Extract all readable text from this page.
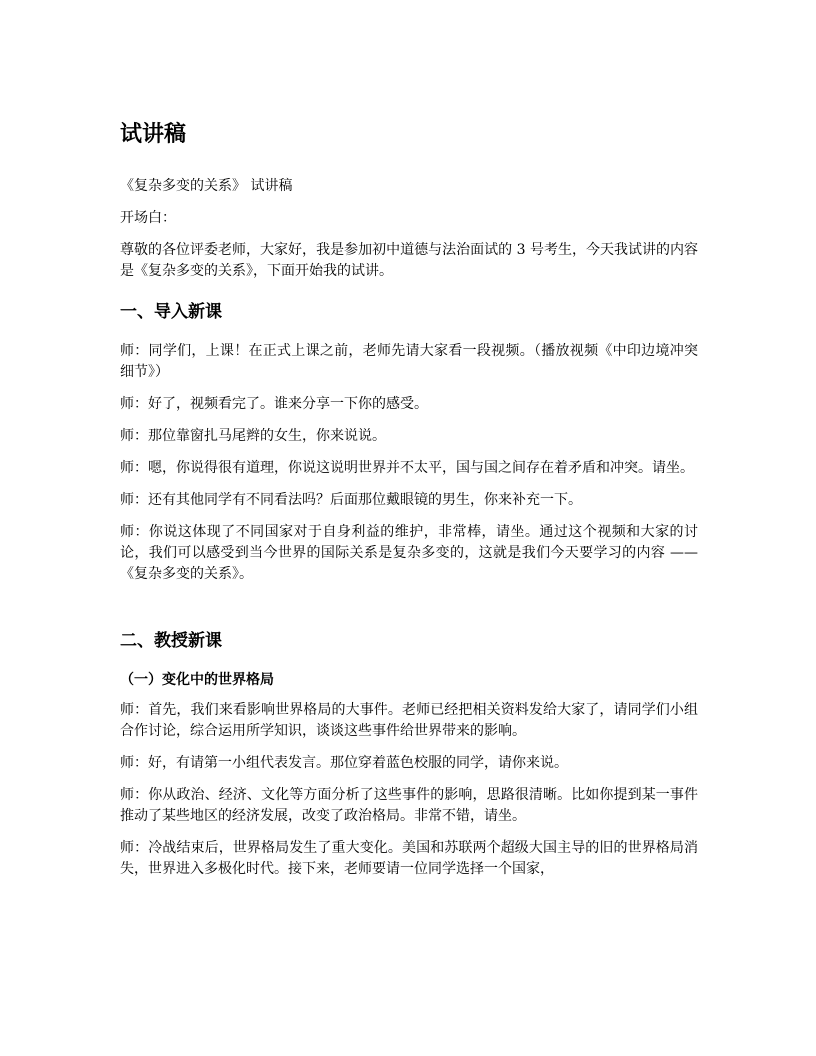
试讲稿

《复杂多变的关系》 试讲稿

开场白：

尊敬的各位评委老师，大家好，我是参加初中道德与法治面试的 3 号考生，今天我试讲的内容是《复杂多变的关系》，下面开始我的试讲。

一、导入新课

师：同学们，上课！在正式上课之前，老师先请大家看一段视频。（播放视频《中印边境冲突细节》）

师：好了，视频看完了。谁来分享一下你的感受。

师：那位靠窗扎马尾辫的女生，你来说说。

师：嗯，你说得很有道理，你说这说明世界并不太平，国与国之间存在着矛盾和冲突。请坐。

师：还有其他同学有不同看法吗？后面那位戴眼镜的男生，你来补充一下。

师：你说这体现了不同国家对于自身利益的维护，非常棒，请坐。通过这个视频和大家的讨论，我们可以感受到当今世界的国际关系是复杂多变的，这就是我们今天要学习的内容 ——《复杂多变的关系》。

二、教授新课
（一）变化中的世界格局

师：首先，我们来看影响世界格局的大事件。老师已经把相关资料发给大家了，请同学们小组合作讨论，综合运用所学知识，谈谈这些事件给世界带来的影响。

师：好，有请第一小组代表发言。那位穿着蓝色校服的同学，请你来说。

师：你从政治、经济、文化等方面分析了这些事件的影响，思路很清晰。比如你提到某一事件推动了某些地区的经济发展，改变了政治格局。非常不错，请坐。

师：冷战结束后，世界格局发生了重大变化。美国和苏联两个超级大国主导的旧的世界格局消失，世界进入多极化时代。接下来，老师要请一位同学选择一个国家，
